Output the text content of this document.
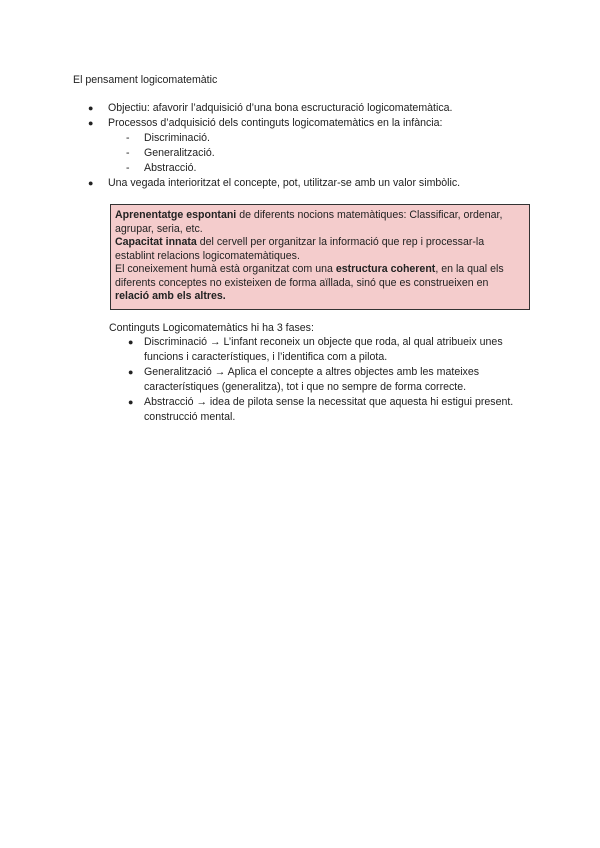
El pensament logicomatemàtic
● Objectiu: afavorir l’adquisició d’una bona escructuració logicomatemàtica.
● Processos d’adquisició dels continguts logicomatemàtics en la infància:
- Discriminació.
- Generalització.
- Abstracció.
● Una vegada interioritzat el concepte, pot, utilitzar-se amb un valor simbòlic.

Aprenentatge espontani de diferents nocions matemàtiques: Classificar, ordenar, agrupar, seria, etc.

Capacitat innata del cervell per organitzar la informació que rep i processar-la establint relacions logicomatemàtiques.

El coneixement humà està organitzat com una estructura coherent, en la qual els diferents conceptes no existeixen de forma aïllada, sinó que es construeixen en relació amb els altres.

Continguts Logicomatemàtics hi ha 3 fases:
● Discriminació → L’infant reconeix un objecte que roda, al qual atribueix unes funcions i característiques, i l’identifica com a pilota.
● Generalització → Aplica el concepte a altres objectes amb les mateixes característiques (generalitza), tot i que no sempre de forma correcte.
● Abstracció → idea de pilota sense la necessitat que aquesta hi estigui present. construcció mental.
